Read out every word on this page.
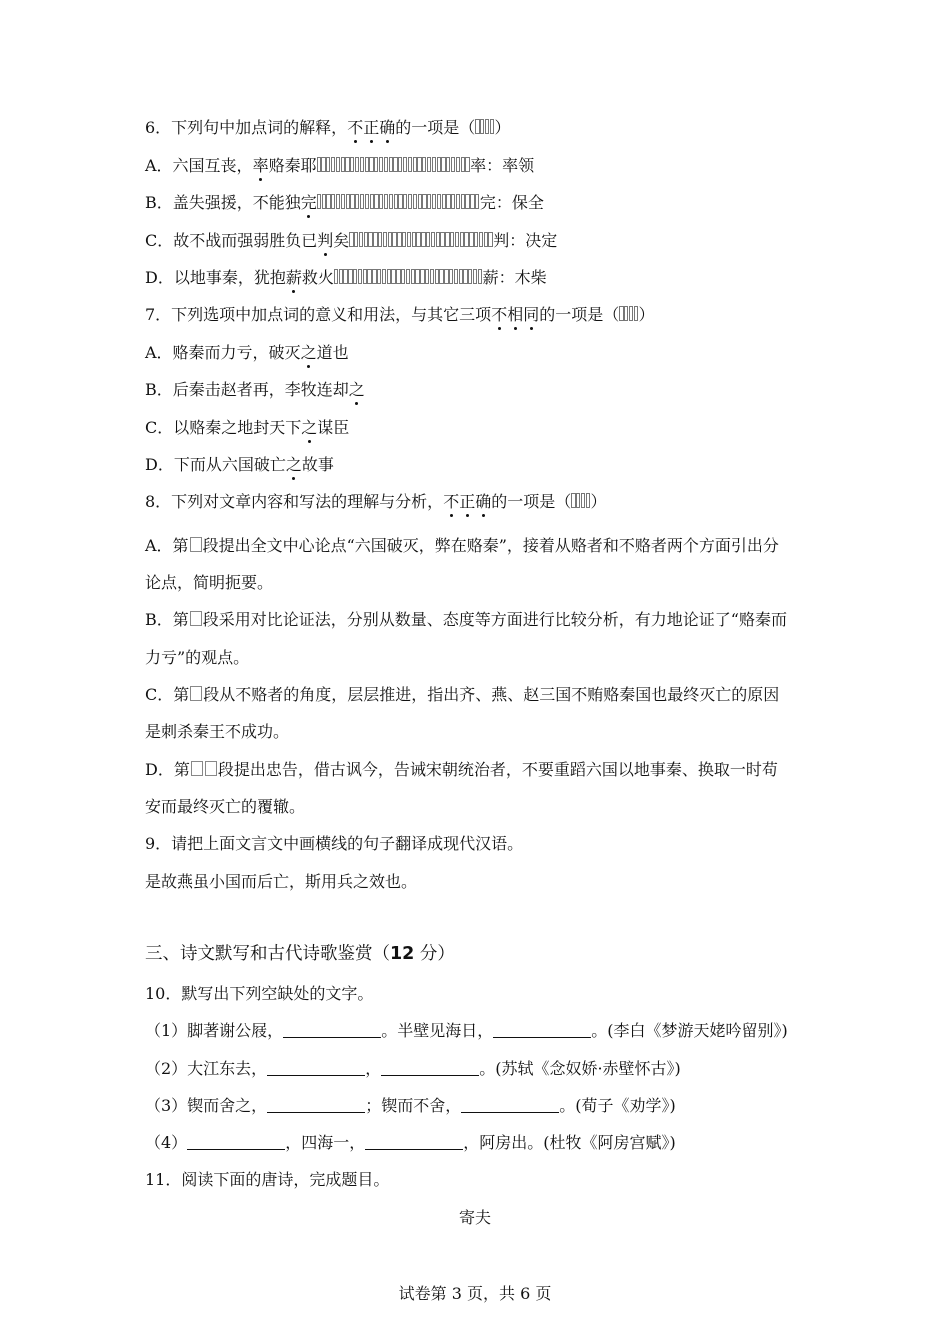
6．下列句中加点词的解释，不正确的一项是（ ）
A．六国互丧，率赂秦耶	率：率领
B．盖失强援，不能独完	完：保全
C．故不战而强弱胜负已判矣	判：决定
D．以地事秦，犹抱薪救火	薪：木柴
7．下列选项中加点词的意义和用法，与其它三项不相同的一项是（ ）
A．赂秦而力亏，破灭之道也
B．后秦击赵者再，李牧连却之
C．以赂秦之地封天下之谋臣
D．下而从六国破亡之故事
8．下列对文章内容和写法的理解与分析，不正确的一项是（ ）
A．第 段提出全文中心论点“六国破灭，弊在赂秦”，接着从赂者和不赂者两个方面引出分
论点，简明扼要。
B．第 段采用对比论证法，分别从数量、态度等方面进行比较分析，有力地论证了“赂秦而
力亏”的观点。
C．第 段从不赂者的角度，层层推进，指出齐、燕、赵三国不贿赂秦国也最终灭亡的原因
是刺杀秦王不成功。
D．第 段提出忠告，借古讽今，告诫宋朝统治者，不要重蹈六国以地事秦、换取一时苟
安而最终灭亡的覆辙。
9．请把上面文言文中画横线的句子翻译成现代汉语。
是故燕虽小国而后亡，斯用兵之效也。
三、诗文默写和古代诗歌鉴赏（12 分）
10．默写出下列空缺处的文字。
（1）脚著谢公屐，	。半壁见海日，	。(李白《梦游天姥吟留别》)
（2）大江东去，	，	。(苏轼《念奴娇·赤壁怀古》)
（3）锲而舍之，	；锲而不舍，	。(荀子《劝学》)
（4）	，四海一，	，阿房出。(杜牧《阿房宫赋》)
11．阅读下面的唐诗，完成题目。
寄夫
试卷第 3 页，共 6 页
